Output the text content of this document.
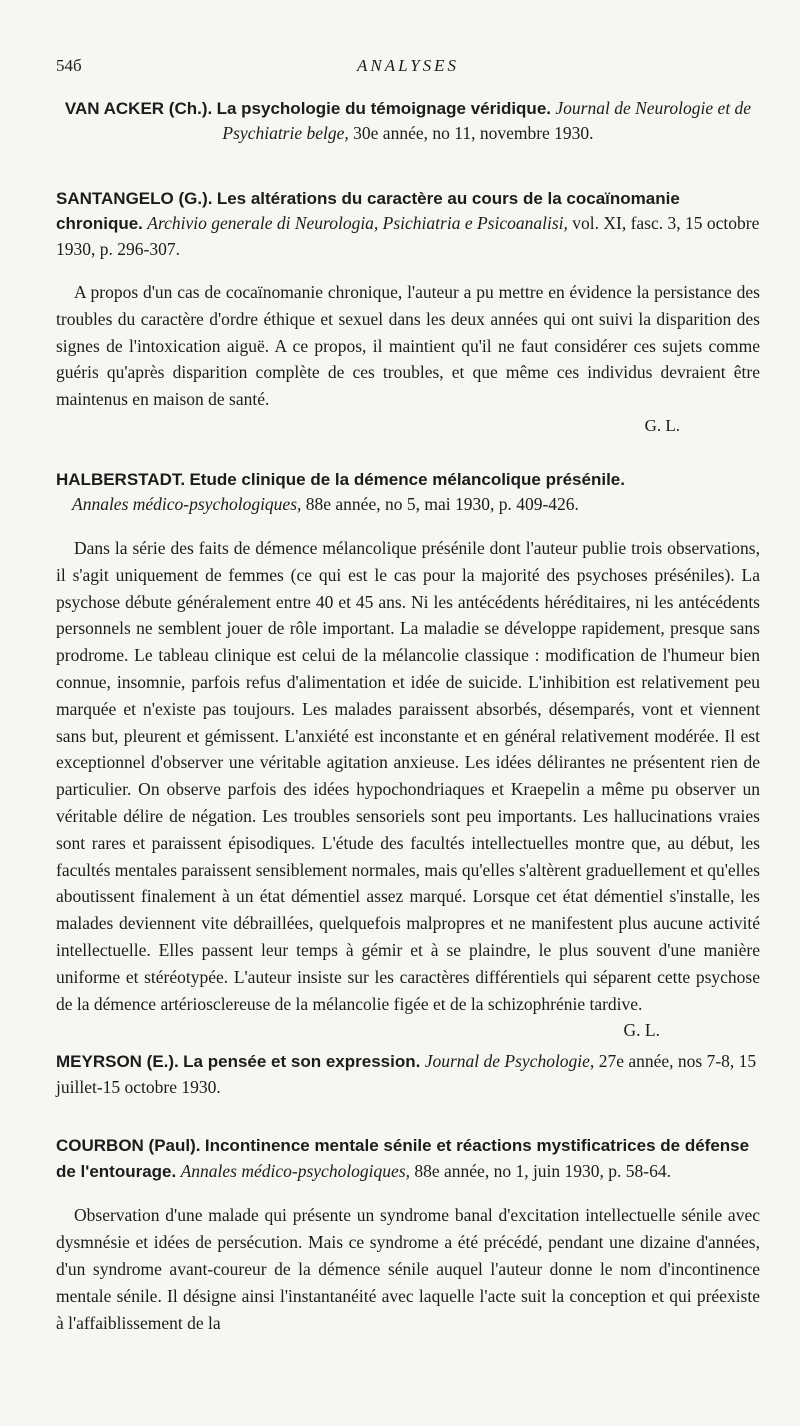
54б	ANALYSES

VAN ACKER (Ch.). La psychologie du témoignage véridique. Journal de Neurologie et de Psychiatrie belge, 30e année, no 11, novembre 1930.

SANTANGELO (G.). Les altérations du caractère au cours de la cocaïnomanie chronique. Archivio generale di Neurologia, Psichiatria e Psicoanalisi, vol. XI, fasc. 3, 15 octobre 1930, p. 296-307.

A propos d'un cas de cocaïnomanie chronique, l'auteur a pu mettre en évidence la persistance des troubles du caractère d'ordre éthique et sexuel dans les deux années qui ont suivi la disparition des signes de l'intoxication aiguë. A ce propos, il maintient qu'il ne faut considérer ces sujets comme guéris qu'après disparition complète de ces troubles, et que même ces individus devraient être maintenus en maison de santé.

G. L.

HALBERSTADT. Etude clinique de la démence mélancolique présénile.
Annales médico-psychologiques, 88e année, no 5, mai 1930, p. 409-426.

Dans la série des faits de démence mélancolique présénile dont l'auteur publie trois observations, il s'agit uniquement de femmes (ce qui est le cas pour la majorité des psychoses préséniles). La psychose débute généralement entre 40 et 45 ans. Ni les antécédents héréditaires, ni les antécédents personnels ne semblent jouer de rôle important. La maladie se développe rapidement, presque sans prodrome. Le tableau clinique est celui de la mélancolie classique : modification de l'humeur bien connue, insomnie, parfois refus d'alimentation et idée de suicide. L'inhibition est relativement peu marquée et n'existe pas toujours. Les malades paraissent absorbés, désemparés, vont et viennent sans but, pleurent et gémissent. L'anxiété est inconstante et en général relativement modérée. Il est exceptionnel d'observer une véritable agitation anxieuse. Les idées délirantes ne présentent rien de particulier. On observe parfois des idées hypochondriaques et Kraepelin a même pu observer un véritable délire de négation. Les troubles sensoriels sont peu importants. Les hallucinations vraies sont rares et paraissent épisodiques. L'étude des facultés intellectuelles montre que, au début, les facultés mentales paraissent sensiblement normales, mais qu'elles s'altèrent graduellement et qu'elles aboutissent finalement à un état démentiel assez marqué. Lorsque cet état démentiel s'installe, les malades deviennent vite débraillées, quelquefois malpropres et ne manifestent plus aucune activité intellectuelle. Elles passent leur temps à gémir et à se plaindre, le plus souvent d'une manière uniforme et stéréotypée. L'auteur insiste sur les caractères différentiels qui séparent cette psychose de la démence artériosclereuse de la mélancolie figée et de la schizophrénie tardive.
G. L.

MEYRSON (E.). La pensée et son expression. Journal de Psychologie, 27e année, nos 7-8, 15 juillet-15 octobre 1930.

COURBON (Paul). Incontinence mentale sénile et réactions mystificatrices de défense de l'entourage. Annales médico-psychologiques, 88e année, no 1, juin 1930, p. 58-64.

Observation d'une malade qui présente un syndrome banal d'excitation intellectuelle sénile avec dysmnésie et idées de persécution. Mais ce syndrome a été précédé, pendant une dizaine d'années, d'un syndrome avant-coureur de la démence sénile auquel l'auteur donne le nom d'incontinence mentale sénile. Il désigne ainsi l'instantanéité avec laquelle l'acte suit la conception et qui préexiste à l'affaiblissement de la
